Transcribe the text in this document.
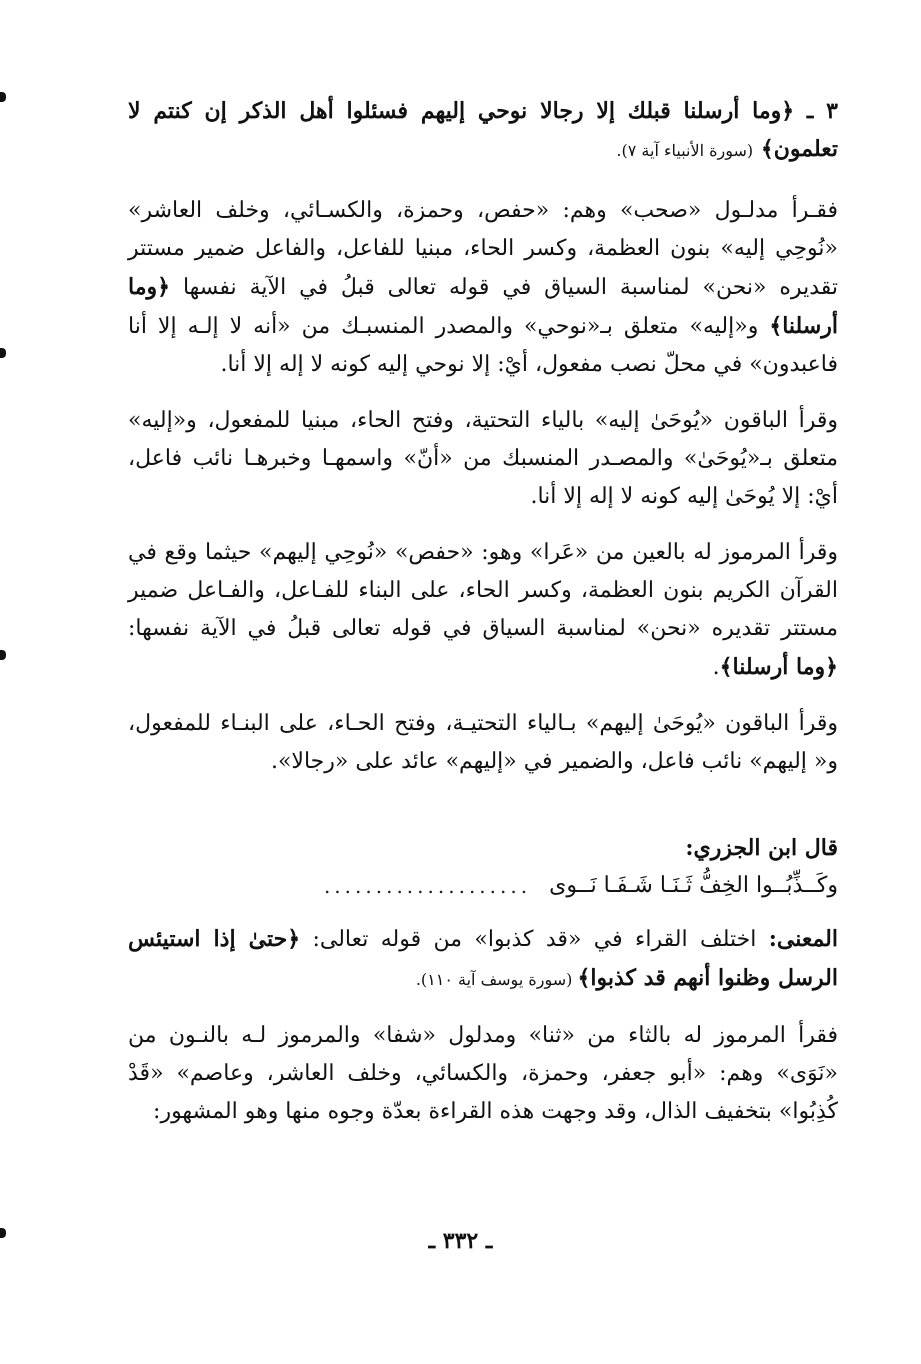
٣ ـ ﴿وما أرسلنا قبلك إلا رجالا نوحي إليهم فسئلوا أهل الذكر إن كنتم لا تعلمون﴾ (سورة الأنبياء آية ٧).

فقـرأ مدلـول «صحب» وهم: «حفص، وحمزة، والكسـائي، وخلف العاشر» «نُوحِي إليه» بنون العظمة، وكسر الحاء، مبنيا للفاعل، والفاعل ضمير مستتر تقديره «نحن» لمناسبة السياق في قوله تعالى قبلُ في الآية نفسها ﴿وما أرسلنا﴾ و«إليه» متعلق بـ«نوحي» والمصدر المنسبـك من «أنه لا إلـه إلا أنا فاعبدون» في محلّ نصب مفعول، أيْ: إلا نوحي إليه كونه لا إله إلا أنا.

وقرأ الباقون «يُوحَىٰ إليه» بالياء التحتية، وفتح الحاء، مبنيا للمفعول، و«إليه» متعلق بـ«يُوحَىٰ» والمصـدر المنسبك من «أنّ» واسمهـا وخبرهـا نائب فاعل، أيْ: إلا يُوحَىٰ إليه كونه لا إله إلا أنا.

وقرأ المرموز له بالعين من «عَرا» وهو: «حفص» «نُوحِي إليهم» حيثما وقع في القرآن الكريم بنون العظمة، وكسر الحاء، على البناء للفـاعل، والفـاعل ضمير مستتر تقديره «نحن» لمناسبة السياق في قوله تعالى قبلُ في الآية نفسها: ﴿وما أرسلنا﴾.

وقرأ الباقون «يُوحَىٰ إليهم» بـالياء التحتيـة، وفتح الحـاء، على البنـاء للمفعول، و« إليهم» نائب فاعل، والضمير في «إليهم» عائد على «رجالا».

قال ابن الجزري:

وكَــذِّبُــوا الخِفُّ ثَـنَـا شَـفَـا نَــوى
....................

المعنى: اختلف القراء في «قد كذبوا» من قوله تعالى: ﴿حتىٰ إذا استيئس الرسل وظنوا أنهم قد كذبوا﴾ (سورة يوسف آية ١١٠).

فقرأ المرموز له بالثاء من «ثنا» ومدلول «شفا» والمرموز لـه بالنـون من «نَوَى» وهم: «أبو جعفر، وحمزة، والكسائي، وخلف العاشر، وعاصم» «قَدْ كُذِبُوا» بتخفيف الذال، وقد وجهت هذه القراءة بعدّة وجوه منها وهو المشهور:

ـ ٣٣٢ ـ
